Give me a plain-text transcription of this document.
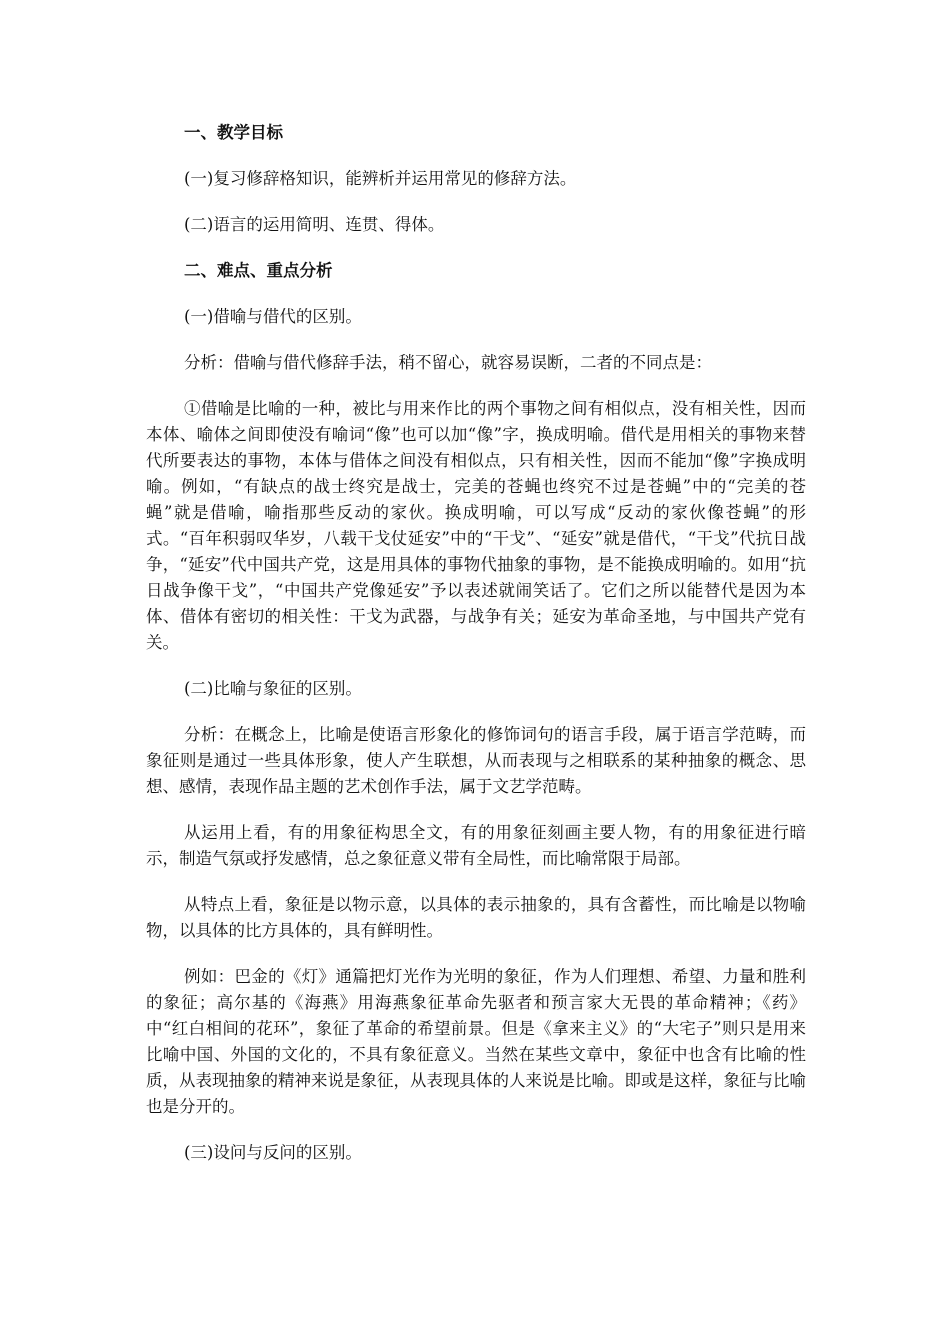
一、教学目标

(一)复习修辞格知识，能辨析并运用常见的修辞方法。

(二)语言的运用简明、连贯、得体。

二、难点、重点分析

(一)借喻与借代的区别。

分析：借喻与借代修辞手法，稍不留心，就容易误断，二者的不同点是：

①借喻是比喻的一种，被比与用来作比的两个事物之间有相似点，没有相关性，因而本体、喻体之间即使没有喻词“像”也可以加“像”字，换成明喻。借代是用相关的事物来替代所要表达的事物，本体与借体之间没有相似点，只有相关性，因而不能加“像”字换成明喻。例如，“有缺点的战士终究是战士，完美的苍蝇也终究不过是苍蝇”中的“完美的苍蝇”就是借喻，喻指那些反动的家伙。换成明喻，可以写成“反动的家伙像苍蝇”的形式。“百年积弱叹华岁，八载干戈仗延安”中的“干戈”、“延安”就是借代，“干戈”代抗日战争，“延安”代中国共产党，这是用具体的事物代抽象的事物，是不能换成明喻的。如用“抗日战争像干戈”，“中国共产党像延安”予以表述就闹笑话了。它们之所以能替代是因为本体、借体有密切的相关性：干戈为武器，与战争有关；延安为革命圣地，与中国共产党有关。

(二)比喻与象征的区别。

分析：在概念上，比喻是使语言形象化的修饰词句的语言手段，属于语言学范畴，而象征则是通过一些具体形象，使人产生联想，从而表现与之相联系的某种抽象的概念、思想、感情，表现作品主题的艺术创作手法，属于文艺学范畴。

从运用上看，有的用象征构思全文，有的用象征刻画主要人物，有的用象征进行暗示，制造气氛或抒发感情，总之象征意义带有全局性，而比喻常限于局部。

从特点上看，象征是以物示意，以具体的表示抽象的，具有含蓄性，而比喻是以物喻物，以具体的比方具体的，具有鲜明性。

例如：巴金的《灯》通篇把灯光作为光明的象征，作为人们理想、希望、力量和胜利的象征；高尔基的《海燕》用海燕象征革命先驱者和预言家大无畏的革命精神；《药》中“红白相间的花环”，象征了革命的希望前景。但是《拿来主义》的“大宅子”则只是用来比喻中国、外国的文化的，不具有象征意义。当然在某些文章中，象征中也含有比喻的性质，从表现抽象的精神来说是象征，从表现具体的人来说是比喻。即或是这样，象征与比喻也是分开的。

(三)设问与反问的区别。
